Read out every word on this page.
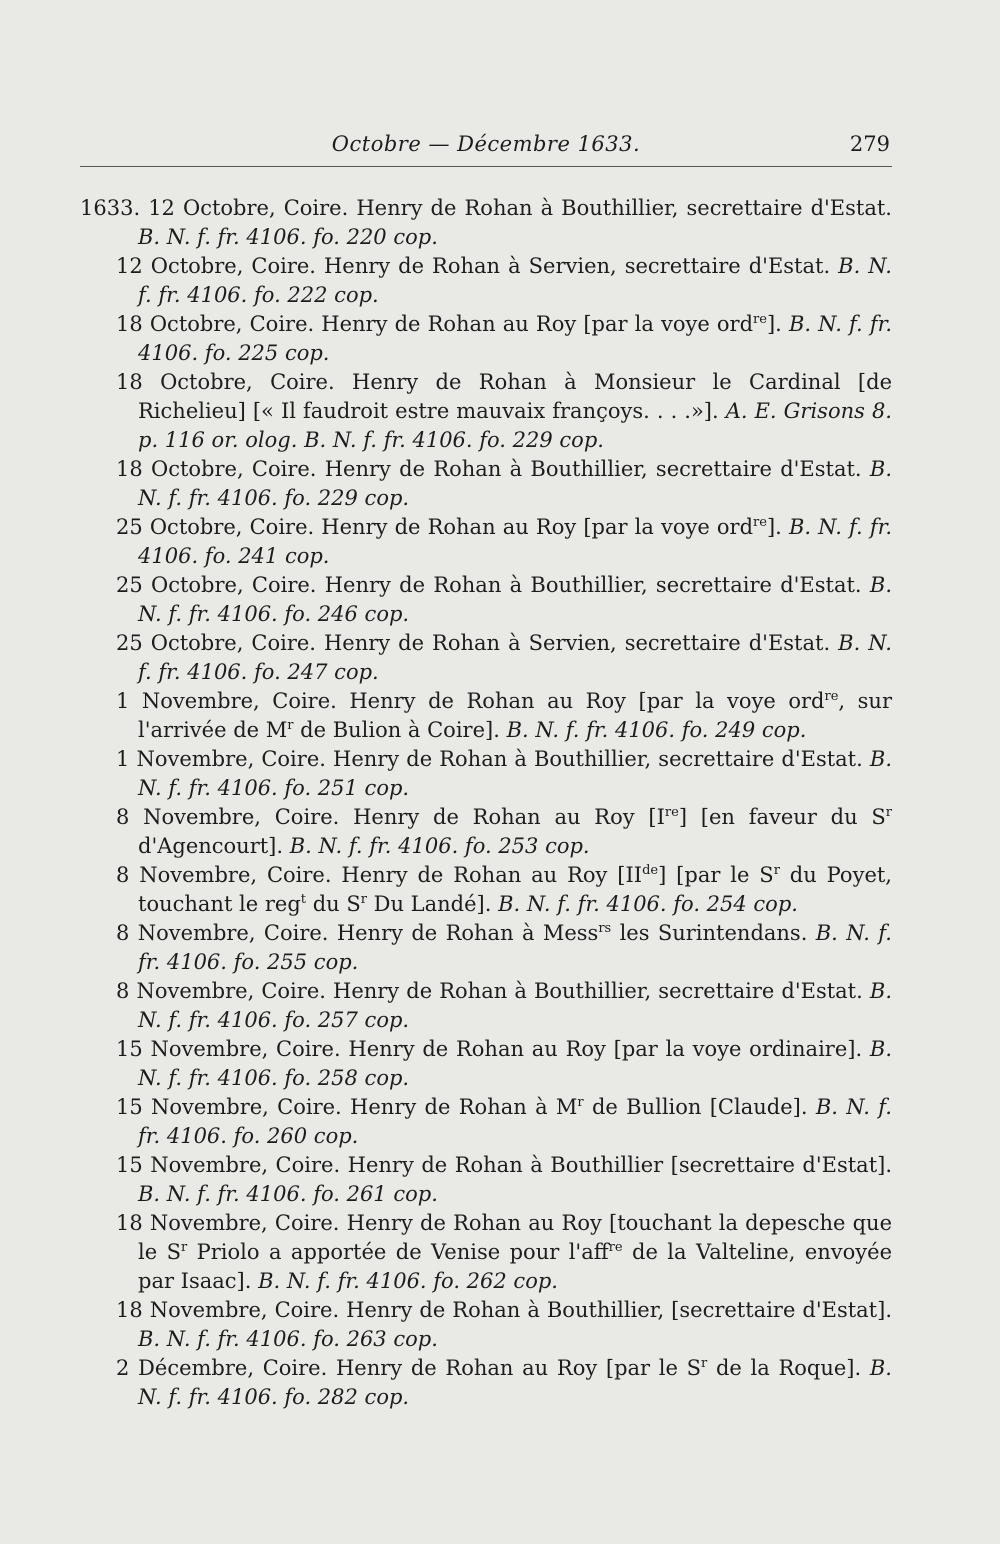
Octobre — Décembre 1633.	279

1633. 12 Octobre, Coire. Henry de Rohan à Bouthillier, secrettaire d'Estat. B. N. f. fr. 4106. fo. 220 cop.

12 Octobre, Coire. Henry de Rohan à Servien, secrettaire d'Estat. B. N. f. fr. 4106. fo. 222 cop.

18 Octobre, Coire. Henry de Rohan au Roy [par la voye ord$^{re}$]. B. N. f. fr. 4106. fo. 225 cop.

18 Octobre, Coire. Henry de Rohan à Monsieur le Cardinal [de Richelieu] [« Il faudroit estre mauvaix françoys. . . .»]. A. E. Grisons 8. p. 116 or. olog. B. N. f. fr. 4106. fo. 229 cop.

18 Octobre, Coire. Henry de Rohan à Bouthillier, secrettaire d'Estat. B. N. f. fr. 4106. fo. 229 cop.

25 Octobre, Coire. Henry de Rohan au Roy [par la voye ord$^{re}$]. B. N. f. fr. 4106. fo. 241 cop.

25 Octobre, Coire. Henry de Rohan à Bouthillier, secrettaire d'Estat. B. N. f. fr. 4106. fo. 246 cop.

25 Octobre, Coire. Henry de Rohan à Servien, secrettaire d'Estat. B. N. f. fr. 4106. fo. 247 cop.

1 Novembre, Coire. Henry de Rohan au Roy [par la voye ord$^{re}$, sur l'arrivée de $M^r$ de Bulion à Coire]. B. N. f. fr. 4106. fo. 249 cop.

1 Novembre, Coire. Henry de Rohan à Bouthillier, secrettaire d'Estat. B. N. f. fr. 4106. fo. 251 cop.

8 Novembre, Coire. Henry de Rohan au Roy [Ire] [en faveur du $S^r$ d'Agencourt]. B. N. f. fr. 4106. fo. 253 cop.

8 Novembre, Coire. Henry de Rohan au Roy [IIde] [par le $S^r$ du Poyet, touchant le reg$^t$ du $S^r$ Du Landé]. B. N. f. fr. 4106. fo. 254 cop.

8 Novembre, Coire. Henry de Rohan à Mess$^{rs}$ les Surintendans. B. N. f. fr. 4106. fo. 255 cop.

8 Novembre, Coire. Henry de Rohan à Bouthillier, secrettaire d'Estat. B. N. f. fr. 4106. fo. 257 cop.

15 Novembre, Coire. Henry de Rohan au Roy [par la voye ordinaire]. B. N. f. fr. 4106. fo. 258 cop.

15 Novembre, Coire. Henry de Rohan à $M^r$ de Bullion [Claude]. B. N. f. fr. 4106. fo. 260 cop.

15 Novembre, Coire. Henry de Rohan à Bouthillier [secrettaire d'Estat]. B. N. f. fr. 4106. fo. 261 cop.

18 Novembre, Coire. Henry de Rohan au Roy [touchant la depesche que le $S^r$ Priolo a apportée de Venise pour l'aff$^{re}$ de la Valteline, envoyée par Isaac]. B. N. f. fr. 4106. fo. 262 cop.

18 Novembre, Coire. Henry de Rohan à Bouthillier, [secrettaire d'Estat]. B. N. f. fr. 4106. fo. 263 cop.

2 Décembre, Coire. Henry de Rohan au Roy [par le $S^r$ de la Roque]. B. N. f. fr. 4106. fo. 282 cop.
